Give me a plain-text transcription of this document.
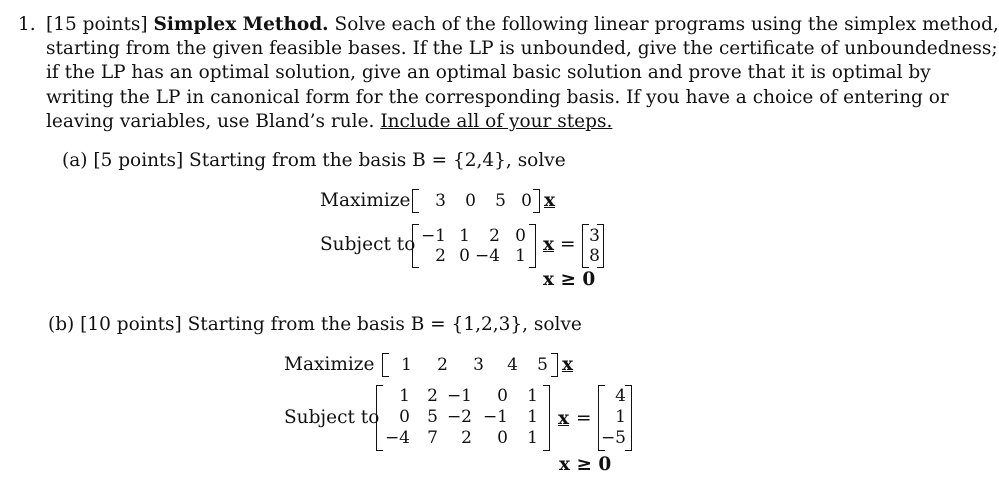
1. [15 points] Simplex Method. Solve each of the following linear programs using the simplex method,
starting from the given feasible bases. If the LP is unbounded, give the certificate of unboundedness;
if the LP has an optimal solution, give an optimal basic solution and prove that it is optimal by
writing the LP in canonical form for the corresponding basis. If you have a choice of entering or
leaving variables, use Bland’s rule. Include all of your steps.
(a) [5 points] Starting from the basis B = {2,4}, solve
Maximize	3	0	5 0 x
Subject to −1 1	2 0
2 0 −4 1
x = 3
8
x ≥ 0
(b) [10 points] Starting from the basis B = {1,2,3}, solve
Maximize 1 2 3 4 5 x
Subject to
1	2 −1	0	1
0	5 −2 −1	1
−4	7	2	0	1
x =
4
1
−5
x ≥ 0
